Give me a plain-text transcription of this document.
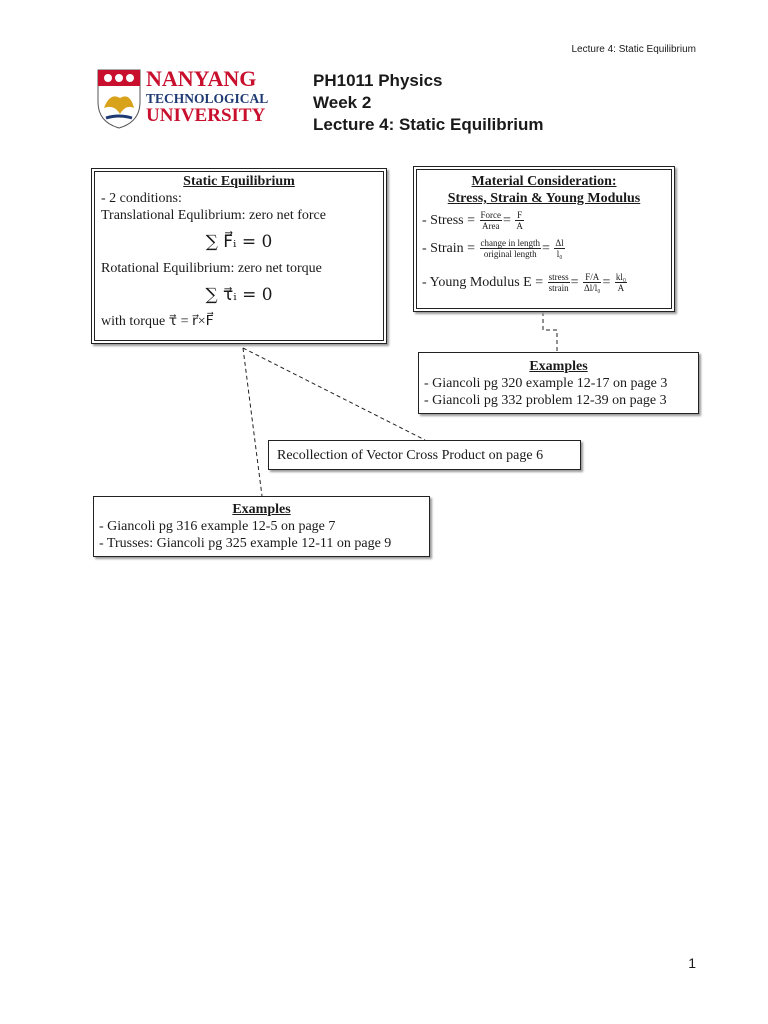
Lecture 4: Static Equilibrium
NANYANG
TECHNOLOGICAL
UNIVERSITY
PH1011 Physics
Week 2
Lecture 4: Static Equilibrium
Static Equilibrium
- 2 conditions:
Translational Equlibrium: zero net force
∑ F⃗ᵢ = 0
Rotational Equilibrium: zero net torque
∑ τ⃗ᵢ = 0
with torque τ⃗ = r⃗×F⃗
Material Consideration:
Stress, Strain & Young Modulus
- Stress = $\frac{\text{Force}}{\text{Area}} = \frac{F}{A}$
- Strain = $\frac{\text{change in length}}{\text{original length}} = \frac{\Delta l}{\text{l₀}}$
- Young Modulus $E = \frac{\text{stress}}{\text{strain}} = \frac{F/A}{\text{Δl/l₀}} = \frac{\text{kl₀}}{A}$
Examples
- Giancoli pg 320 example 12-17 on page 3
- Giancoli pg 332 problem 12-39 on page 3
Recollection of Vector Cross Product on page 6
Examples
- Giancoli pg 316 example 12-5 on page 7
- Trusses: Giancoli pg 325 example 12-11 on page 9
1
